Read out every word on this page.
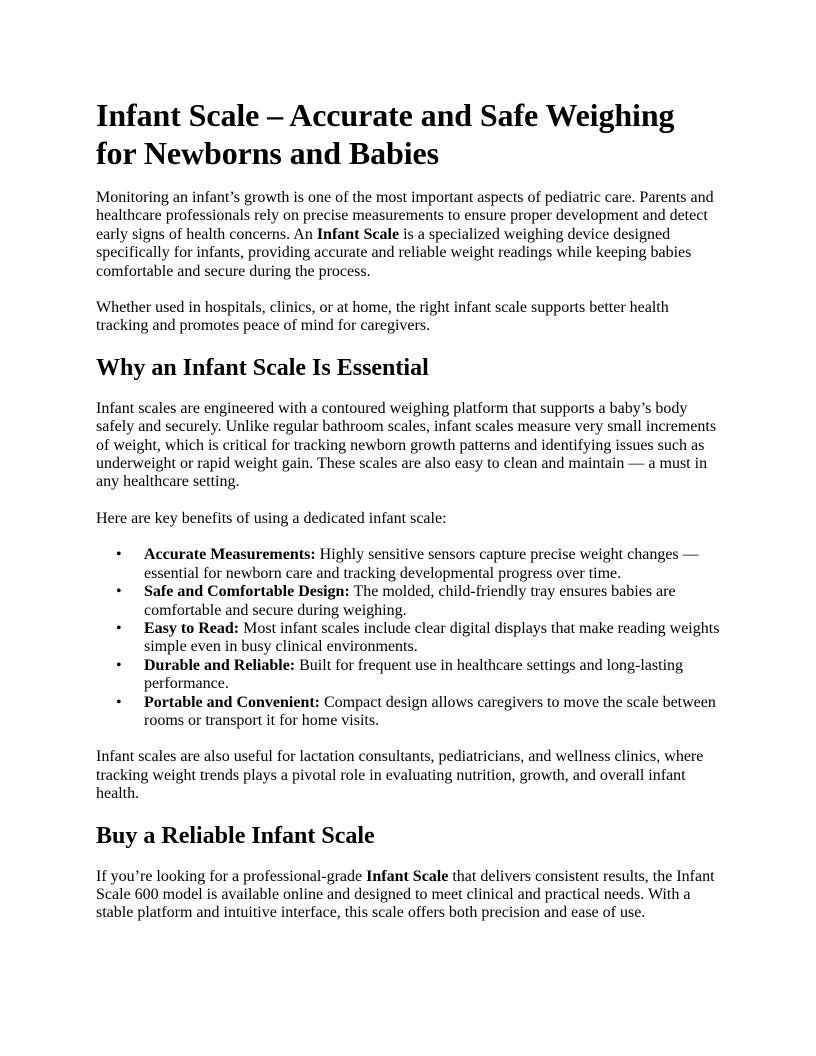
Infant Scale – Accurate and Safe Weighing for Newborns and Babies

Monitoring an infant’s growth is one of the most important aspects of pediatric care. Parents and healthcare professionals rely on precise measurements to ensure proper development and detect early signs of health concerns. An Infant Scale is a specialized weighing device designed specifically for infants, providing accurate and reliable weight readings while keeping babies comfortable and secure during the process.

Whether used in hospitals, clinics, or at home, the right infant scale supports better health tracking and promotes peace of mind for caregivers.

Why an Infant Scale Is Essential

Infant scales are engineered with a contoured weighing platform that supports a baby’s body safely and securely. Unlike regular bathroom scales, infant scales measure very small increments of weight, which is critical for tracking newborn growth patterns and identifying issues such as underweight or rapid weight gain. These scales are also easy to clean and maintain — a must in any healthcare setting.

Here are key benefits of using a dedicated infant scale:

• Accurate Measurements: Highly sensitive sensors capture precise weight changes — essential for newborn care and tracking developmental progress over time.
• Safe and Comfortable Design: The molded, child-friendly tray ensures babies are comfortable and secure during weighing.
• Easy to Read: Most infant scales include clear digital displays that make reading weights simple even in busy clinical environments.
• Durable and Reliable: Built for frequent use in healthcare settings and long-lasting performance.
• Portable and Convenient: Compact design allows caregivers to move the scale between rooms or transport it for home visits.

Infant scales are also useful for lactation consultants, pediatricians, and wellness clinics, where tracking weight trends plays a pivotal role in evaluating nutrition, growth, and overall infant health.

Buy a Reliable Infant Scale

If you’re looking for a professional-grade Infant Scale that delivers consistent results, the Infant Scale 600 model is available online and designed to meet clinical and practical needs. With a stable platform and intuitive interface, this scale offers both precision and ease of use.
